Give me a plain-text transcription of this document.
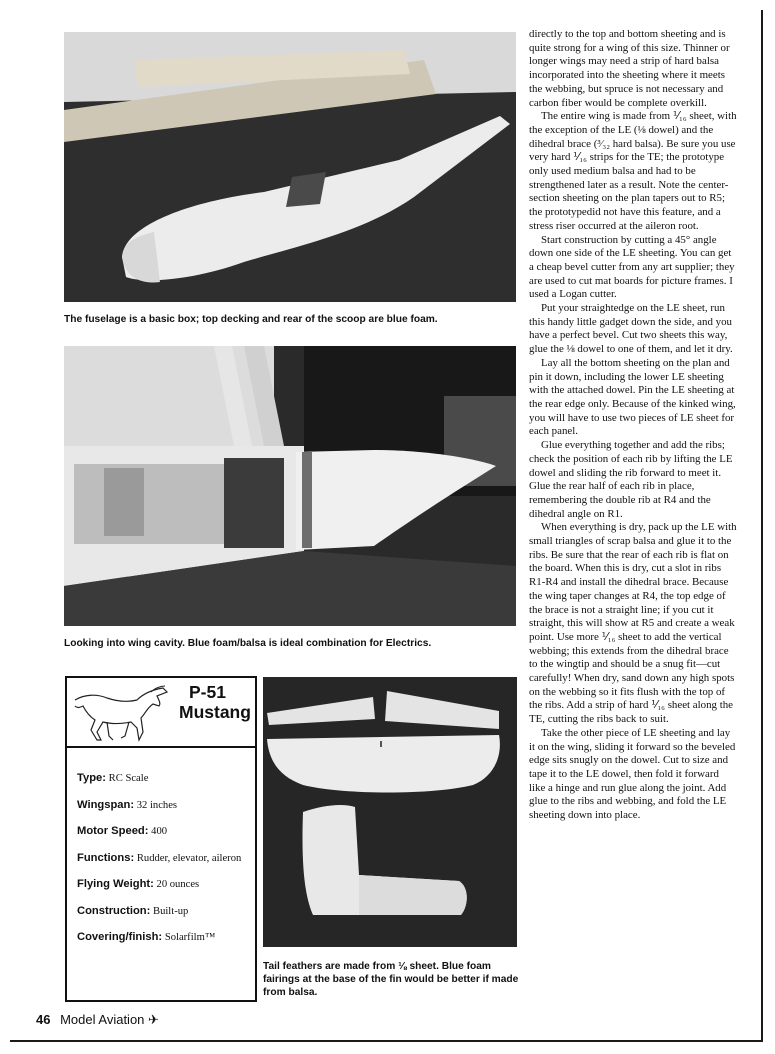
The fuselage is a basic box; top decking and rear of the scoop are blue foam.
Looking into wing cavity. Blue foam/balsa is ideal combination for Electrics.
P-51
Mustang
Type: RC Scale
Wingspan: 32 inches
Motor Speed: 400
Functions: Rudder, elevator, aileron
Flying Weight: 20 ounces
Construction: Built-up
Covering/finish: Solarfilm™
Tail feathers are made from ⅛ sheet. Blue foam fairings at the base of the fin would be better if made from balsa.

directly to the top and bottom sheeting and is quite strong for a wing of this size. Thinner or longer wings may need a strip of hard balsa incorporated into the sheeting where it meets the webbing, but spruce is not necessary and carbon fiber would be complete overkill.

The entire wing is made from ⅟₁₆ sheet, with the exception of the LE (⅛ dowel) and the dihedral brace (³⁄₃₂ hard balsa). Be sure you use very hard ⅟₁₆ strips for the TE; the prototype only used medium balsa and had to be strengthened later as a result. Note the center-section sheeting on the plan tapers out to R5; the prototypedid not have this feature, and a stress riser occurred at the aileron root.

Start construction by cutting a 45° angle down one side of the LE sheeting. You can get a cheap bevel cutter from any art supplier; they are used to cut mat boards for picture frames. I used a Logan cutter.

Put your straightedge on the LE sheet, run this handy little gadget down the side, and you have a perfect bevel. Cut two sheets this way, glue the ⅛ dowel to one of them, and let it dry.

Lay all the bottom sheeting on the plan and pin it down, including the lower LE sheeting with the attached dowel. Pin the LE sheeting at the rear edge only. Because of the kinked wing, you will have to use two pieces of LE sheet for each panel.

Glue everything together and add the ribs; check the position of each rib by lifting the LE dowel and sliding the rib forward to meet it. Glue the rear half of each rib in place, remembering the double rib at R4 and the dihedral angle on R1.

When everything is dry, pack up the LE with small triangles of scrap balsa and glue it to the ribs. Be sure that the rear of each rib is flat on the board. When this is dry, cut a slot in ribs R1-R4 and install the dihedral brace. Because the wing taper changes at R4, the top edge of the brace is not a straight line; if you cut it straight, this will show at R5 and create a weak point. Use more ⅟₁₆ sheet to add the vertical webbing; this extends from the dihedral brace to the wingtip and should be a snug fit—cut carefully! When dry, sand down any high spots on the webbing so it fits flush with the top of the ribs. Add a strip of hard ⅟₁₆ sheet along the TE, cutting the ribs back to suit.

Take the other piece of LE sheeting and lay it on the wing, sliding it forward so the beveled edge sits snugly on the dowel. Cut to size and tape it to the LE dowel, then fold it forward like a hinge and run glue along the joint. Add glue to the ribs and webbing, and fold the LE sheeting down into place.

46 Model Aviation ✈
